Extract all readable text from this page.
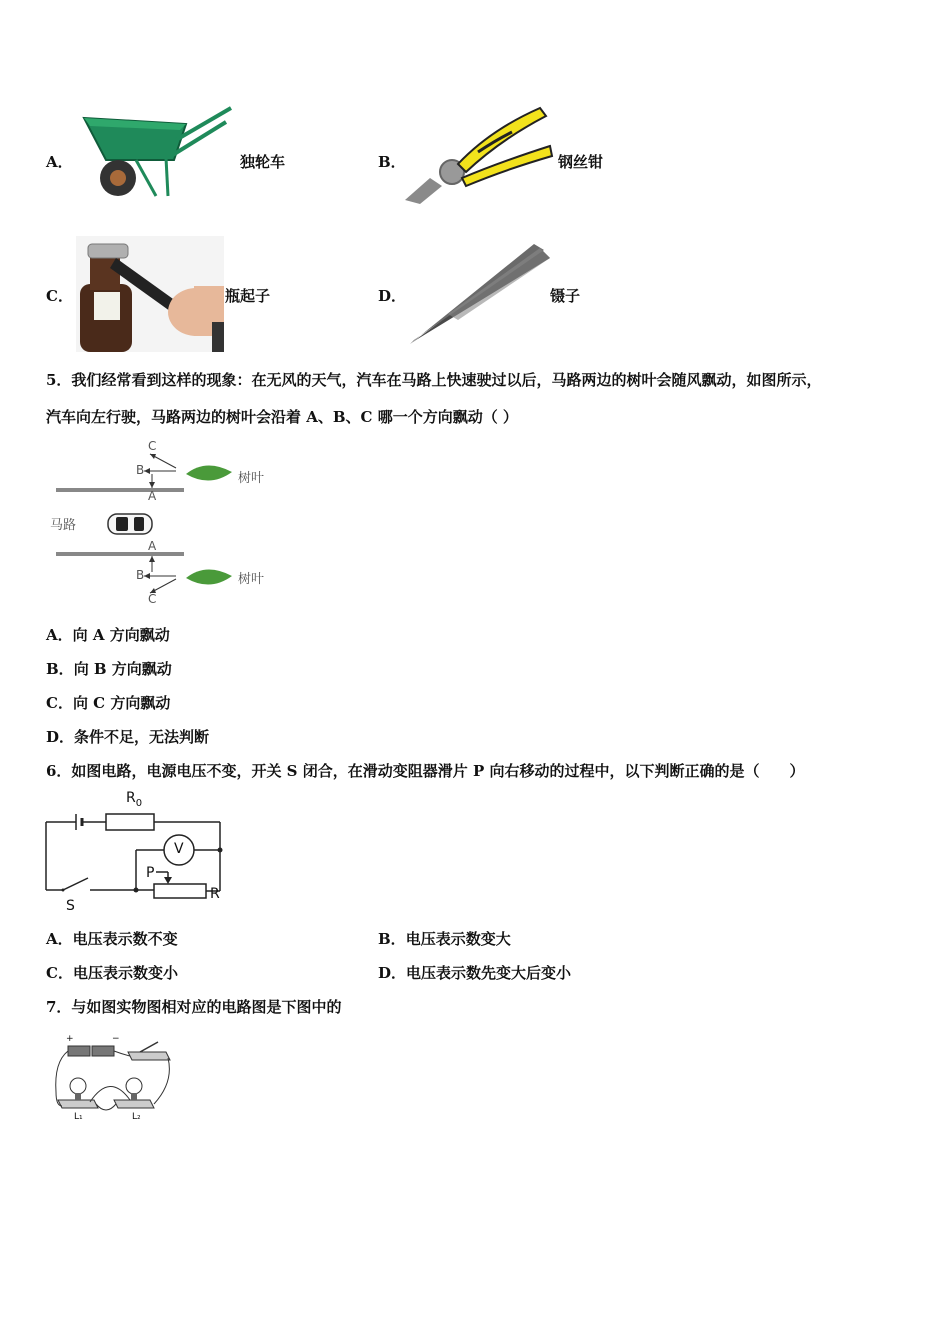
A．	独轮车	B．	钢丝钳
C．	瓶起子	D．	镊子
5．我们经常看到这样的现象：在无风的天气，汽车在马路上快速驶过以后，马路两边的树叶会随风飘动，如图所示，
汽车向左行驶，马路两边的树叶会沿着 A、B、C 哪一个方向飘动（ ）
C
B
A
树叶
马路
A
B	树叶
C
A．向 A 方向飘动
B．向 B 方向飘动
C．向 C 方向飘动
D．条件不足，无法判断
6．如图电路，电源电压不变，开关 S 闭合，在滑动变阻器滑片 P 向右移动的过程中，以下判断正确的是（　　）
$R_0$
V
P
R
S
A．电压表示数不变	B．电压表示数变大
C．电压表示数变小	D．电压表示数先变大后变小
7．与如图实物图相对应的电路图是下图中的
+	−
L₁	L₂
